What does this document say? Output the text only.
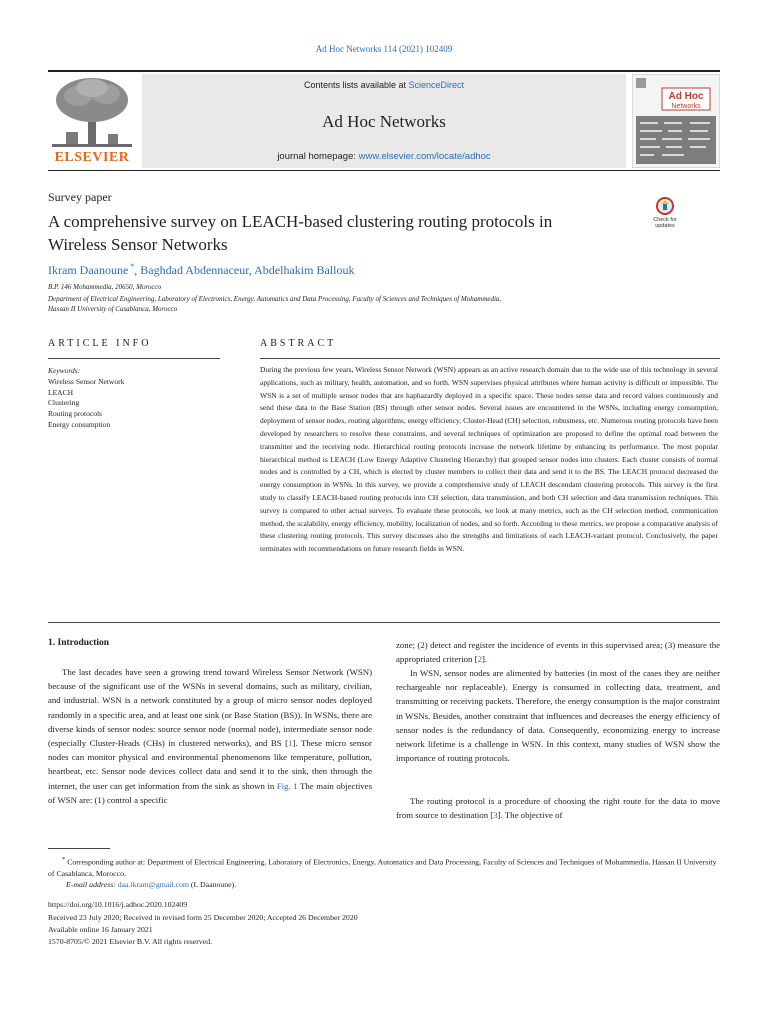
Ad Hoc Networks 114 (2021) 102409
ELSEVIER
Contents lists available at ScienceDirect
Ad Hoc Networks
journal homepage: www.elsevier.com/locate/adhoc
Ad Hoc
Networks
Survey paper
A comprehensive survey on LEACH-based clustering routing protocols in Wireless Sensor Networks
Check for
updates
Ikram Daanoune *, Baghdad Abdennaceur, Abdelhakim Ballouk
B.P. 146 Mohammedia, 20650, Morocco
Department of Electrical Engineering, Laboratory of Electronics, Energy, Automatics and Data Processing, Faculty of Sciences and Techniques of Mohammedia,
Hassan II University of Casablanca, Morocco
ARTICLE INFO	ABSTRACT
Keywords:
Wireless Sensor Network
LEACH
Clustering
Routing protocols
Energy consumption

During the previous few years, Wireless Sensor Network (WSN) appears as an active research domain due to the wide use of this technology in several applications, such as military, health, automation, and so forth. WSN supervises physical attributes where human activity is difficult or impossible. The WSN is a set of multiple sensor nodes that are haphazardly deployed in a specific space. These nodes sense data and record values continuously and send these data to the Base Station (BS) through other sensor nodes. Several issues are encountered in the WSNs, including energy consumption, deployment of sensor nodes, routing algorithms, energy efficiency, Cluster-Head (CH) selection, robustness, etc. Numerous routing protocols have been developed by researchers to resolve these constraints, and several techniques of optimization are proposed to define the optimal road between the transmitter and the receiving node. Hierarchical routing protocols increase the network lifetime by enhancing its performance. The most popular hierarchical method is LEACH (Low Energy Adaptive Clustering Hierarchy) that grouped sensor nodes into clusters. Each cluster consists of normal nodes and is controlled by a CH, which is elected by cluster members to collect their data and send it to the BS. The LEACH protocol decreased the energy consumption in WSNs. In this survey, we provide a comprehensive study of LEACH descendant clustering protocols. This survey is the first study to classify LEACH-based routing protocols into CH selection, data transmission, and both CH selection and data transmission techniques. This survey is compared to other actual surveys. To evaluate these protocols, we look at many metrics, such as the CH selection method, communication method, the scalability, energy efficiency, mobility, localization of nodes, and so forth. According to these metrics, we propose a comparative analysis of these clustering routing protocols. This survey discusses also the strengths and limitations of each LEACH-variant protocol. Conclusively, the paper terminates with recommendations on future research fields in WSN.

1. Introduction

The last decades have seen a growing trend toward Wireless Sensor Network (WSN) because of the significant use of the WSNs in several domains, such as military, civilian, and industrial. WSN is a network constituted by a group of micro sensor nodes deployed randomly in a specific area, and at least one sink (or Base Station (BS)). In WSNs, there are diverse kinds of sensor nodes: source sensor node (normal node), intermediate sensor node (especially Cluster-Heads (CHs) in clustered networks), and BS [1]. These micro sensor nodes can monitor physical and environmental phenomenons like temperature, pollution, heartbeat, etc. Sensor node devices collect data and send it to the sink, then through the internet, the user can get information from the sink as shown in Fig. 1 The main objectives of WSN are: (1) control a specific

zone; (2) detect and register the incidence of events in this supervised area; (3) measure the appropriated criterion [2].

In WSN, sensor nodes are alimented by batteries (in most of the cases they are neither rechargeable nor replaceable). Energy is consumed in collecting data, treatment, and transmitting or receiving packets. Therefore, the energy consumption is the major constraint in WSNs. Besides, another constraint that influences and decreases the energy efficiency of sensor nodes is the redundancy of data. Consequently, economizing energy to increase network lifetime is a challenge in WSN. In this context, many studies of WSN show the importance of routing protocols.

The routing protocol is a procedure of choosing the right route for the data to move from source to destination [3]. The objective of

* Corresponding author at: Department of Electrical Engineering, Laboratory of Electronics, Energy, Automatics and Data Processing, Faculty of Sciences and Techniques of Mohammedia, Hassan II University of Casablanca, Morocco.
E-mail address: daa.ikram@gmail.com (I. Daanoune).
https://doi.org/10.1016/j.adhoc.2020.102409
Received 23 July 2020; Received in revised form 25 December 2020; Accepted 26 December 2020
Available online 16 January 2021
1570-8705/© 2021 Elsevier B.V. All rights reserved.
